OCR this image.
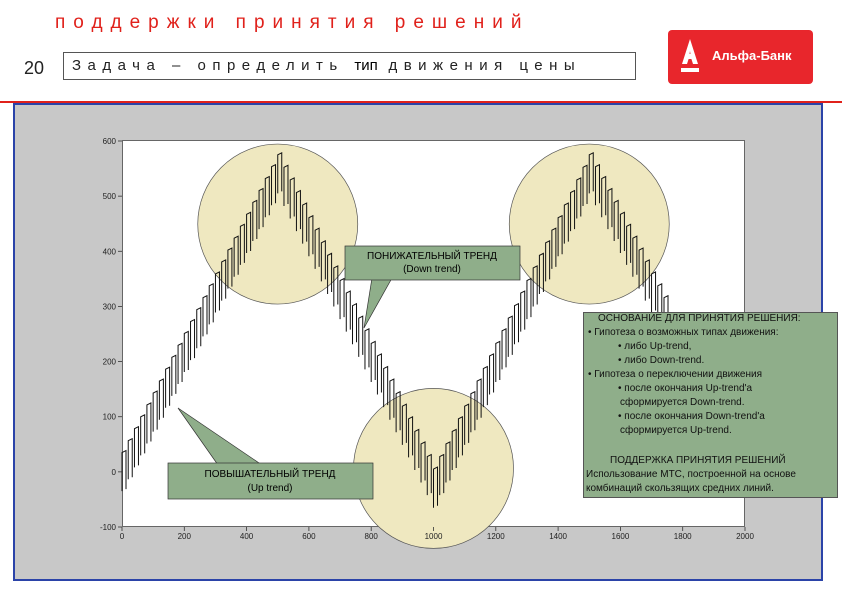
поддержки принятия решений
20	Задача – определить тип движения цены
Альфа-Банк
600
500
400
300
200
100
0
-100
0	200	400	600	800	1000	1200	1400	1600	1800	2000
ПОНИЖАТЕЛЬНЫЙ ТРЕНД
(Down trend)
ПОВЫШАТЕЛЬНЫЙ ТРЕНД
(Up trend)
ОСНОВАНИЕ ДЛЯ ПРИНЯТИЯ РЕШЕНИЯ:
• Гипотеза о возможных типах движения:
• либо Up-trend,
• либо Down-trend.
• Гипотеза о переключении движения
• после окончания Up-trend'a
сформируется Down-trend.
• после окончания Down-trend'a
сформируется Up-trend.
ПОДДЕРЖКА ПРИНЯТИЯ РЕШЕНИЙ
Использование МТС, построенной на основе
комбинаций скользящих средних линий.
